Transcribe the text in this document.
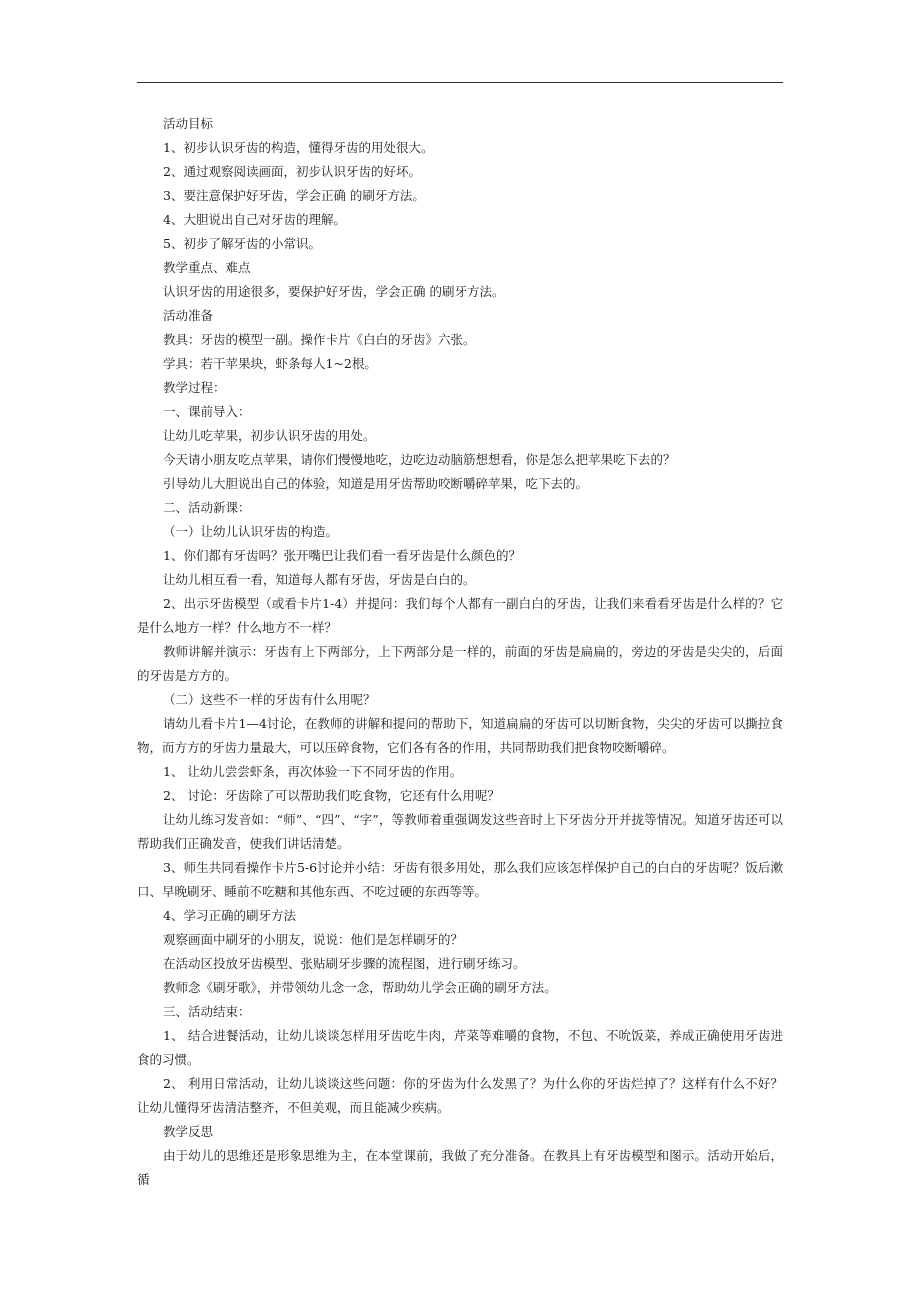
活动目标

1、初步认识牙齿的构造，懂得牙齿的用处很大。

2、通过观察阅读画面，初步认识牙齿的好坏。

3、要注意保护好牙齿，学会正确 的刷牙方法。

4、大胆说出自己对牙齿的理解。

5、初步了解牙齿的小常识。

教学重点、难点

认识牙齿的用途很多，要保护好牙齿，学会正确 的刷牙方法。

活动准备

教具：牙齿的模型一副。操作卡片《白白的牙齿》六张。

学具：若干苹果块，虾条每人1~2根。

教学过程：

一、课前导入：

让幼儿吃苹果，初步认识牙齿的用处。

今天请小朋友吃点苹果，请你们慢慢地吃，边吃边动脑筋想想看，你是怎么把苹果吃下去的？

引导幼儿大胆说出自己的体验，知道是用牙齿帮助咬断嚼碎苹果，吃下去的。

二、活动新课：

（一）让幼儿认识牙齿的构造。

1、你们都有牙齿吗？张开嘴巴让我们看一看牙齿是什么颜色的？

让幼儿相互看一看，知道每人都有牙齿，牙齿是白白的。

2、出示牙齿模型（或看卡片1-4）并提问：我们每个人都有一副白白的牙齿，让我们来看看牙齿是什么样的？它是什么地方一样？什么地方不一样？

教师讲解并演示：牙齿有上下两部分，上下两部分是一样的，前面的牙齿是扁扁的，旁边的牙齿是尖尖的，后面的牙齿是方方的。

（二）这些不一样的牙齿有什么用呢？

请幼儿看卡片1—4讨论，在教师的讲解和提问的帮助下，知道扁扁的牙齿可以切断食物，尖尖的牙齿可以撕拉食物，而方方的牙齿力量最大，可以压碎食物，它们各有各的作用，共同帮助我们把食物咬断嚼碎。

1、 让幼儿尝尝虾条，再次体验一下不同牙齿的作用。

2、 讨论：牙齿除了可以帮助我们吃食物，它还有什么用呢？

让幼儿练习发音如：“师”、“四”、“字”，等教师着重强调发这些音时上下牙齿分开并拢等情况。知道牙齿还可以帮助我们正确发音，使我们讲话清楚。

3、师生共同看操作卡片5-6讨论并小结：牙齿有很多用处，那么我们应该怎样保护自己的白白的牙齿呢？饭后漱口、早晚刷牙、睡前不吃糖和其他东西、不吃过硬的东西等等。

4、学习正确的刷牙方法

观察画面中刷牙的小朋友，说说：他们是怎样刷牙的？

在活动区投放牙齿模型、张贴刷牙步骤的流程图，进行刷牙练习。

教师念《刷牙歌》，并带领幼儿念一念，帮助幼儿学会正确的刷牙方法。

三、活动结束：

1、 结合进餐活动，让幼儿谈谈怎样用牙齿吃牛肉，芹菜等难嚼的食物，不包、不吮饭菜，养成正确使用牙齿进食的习惯。

2、 利用日常活动，让幼儿谈谈这些问题：你的牙齿为什么发黑了？为什么你的牙齿烂掉了？这样有什么不好？让幼儿懂得牙齿清洁整齐，不但美观，而且能减少疾病。

教学反思

由于幼儿的思维还是形象思维为主，在本堂课前，我做了充分准备。在教具上有牙齿模型和图示。活动开始后，循
